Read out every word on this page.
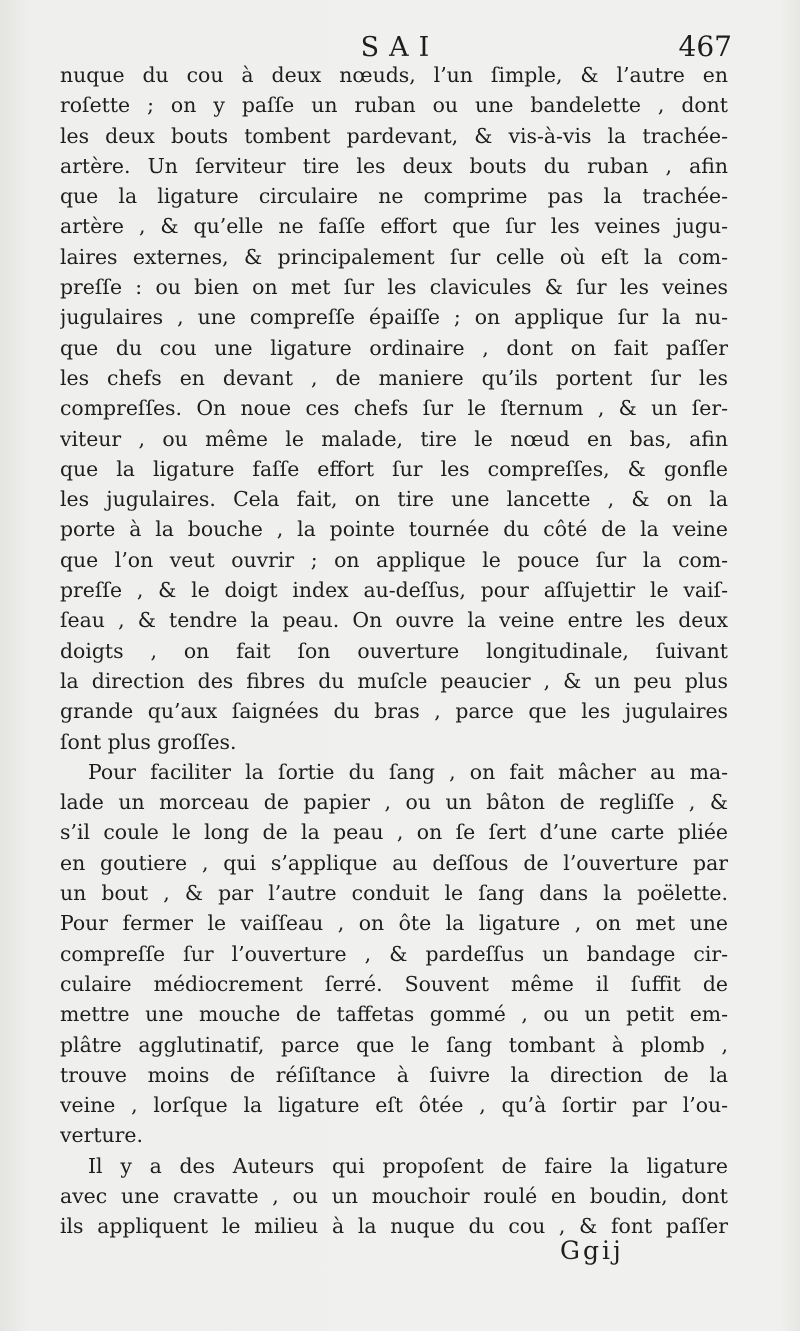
SAI	467
nuque du cou à deux nœuds, l’un ſimple, & l’autre en
roſette ; on y paſſe un ruban ou une bandelette , dont
les deux bouts tombent pardevant, & vis-à-vis la trachée-
artère. Un ſerviteur tire les deux bouts du ruban , afin
que la ligature circulaire ne comprime pas la trachée-
artère , & qu’elle ne faſſe effort que ſur les veines jugu-
laires externes, & principalement ſur celle où eſt la com-
preſſe : ou bien on met ſur les clavicules & ſur les veines
jugulaires , une compreſſe épaiſſe ; on applique ſur la nu-
que du cou une ligature ordinaire , dont on fait paſſer
les chefs en devant , de maniere qu’ils portent ſur les
compreſſes. On noue ces chefs ſur le ſternum , & un ſer-
viteur , ou même le malade, tire le nœud en bas, afin
que la ligature faſſe effort ſur les compreſſes, & gonfle
les jugulaires. Cela fait, on tire une lancette , & on la
porte à la bouche , la pointe tournée du côté de la veine
que l’on veut ouvrir ; on applique le pouce ſur la com-
preſſe , & le doigt index au-deſſus, pour aſſujettir le vaiſ-
ſeau , & tendre la peau. On ouvre la veine entre les deux
doigts , on fait ſon ouverture longitudinale, ſuivant
la direction des fibres du muſcle peaucier , & un peu plus
grande qu’aux ſaignées du bras , parce que les jugulaires
ſont plus groſſes.
Pour faciliter la ſortie du ſang , on fait mâcher au ma-
lade un morceau de papier , ou un bâton de regliſſe , &
s’il coule le long de la peau , on ſe ſert d’une carte pliée
en goutiere , qui s’applique au deſſous de l’ouverture par
un bout , & par l’autre conduit le ſang dans la poëlette.
Pour fermer le vaiſſeau , on ôte la ligature , on met une
compreſſe ſur l’ouverture , & pardeſſus un bandage cir-
culaire médiocrement ſerré. Souvent même il ſuffit de
mettre une mouche de taffetas gommé , ou un petit em-
plâtre agglutinatif, parce que le ſang tombant à plomb ,
trouve moins de réſiſtance à ſuivre la direction de la
veine , lorſque la ligature eſt ôtée , qu’à ſortir par l’ou-
verture.
Il y a des Auteurs qui propoſent de faire la ligature
avec une cravatte , ou un mouchoir roulé en boudin, dont
ils appliquent le milieu à la nuque du cou , & font paſſer
Ggij
